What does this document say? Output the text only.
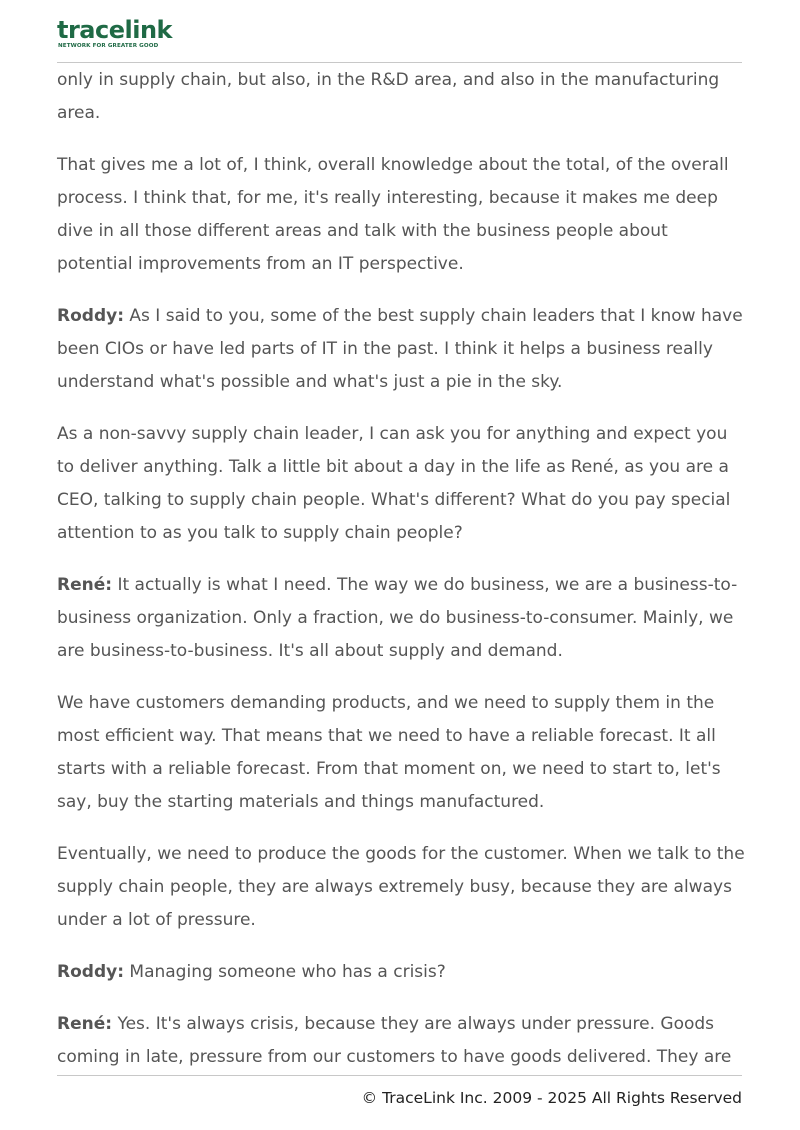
tracelink
NETWORK FOR GREATER GOOD

only in supply chain, but also, in the R&D area, and also in the manufacturing area.

That gives me a lot of, I think, overall knowledge about the total, of the overall process. I think that, for me, it's really interesting, because it makes me deep dive in all those different areas and talk with the business people about potential improvements from an IT perspective.

Roddy: As I said to you, some of the best supply chain leaders that I know have been CIOs or have led parts of IT in the past. I think it helps a business really understand what's possible and what's just a pie in the sky.

As a non-savvy supply chain leader, I can ask you for anything and expect you to deliver anything. Talk a little bit about a day in the life as René, as you are a CEO, talking to supply chain people. What's different? What do you pay special attention to as you talk to supply chain people?

René: It actually is what I need. The way we do business, we are a business-to-business organization. Only a fraction, we do business-to-consumer. Mainly, we are business-to-business. It's all about supply and demand.

We have customers demanding products, and we need to supply them in the most efficient way. That means that we need to have a reliable forecast. It all starts with a reliable forecast. From that moment on, we need to start to, let's say, buy the starting materials and things manufactured.

Eventually, we need to produce the goods for the customer. When we talk to the supply chain people, they are always extremely busy, because they are always under a lot of pressure.

Roddy: Managing someone who has a crisis?

René: Yes. It's always crisis, because they are always under pressure. Goods coming in late, pressure from our customers to have goods delivered. They are

© TraceLink Inc. 2009 - 2025 All Rights Reserved
